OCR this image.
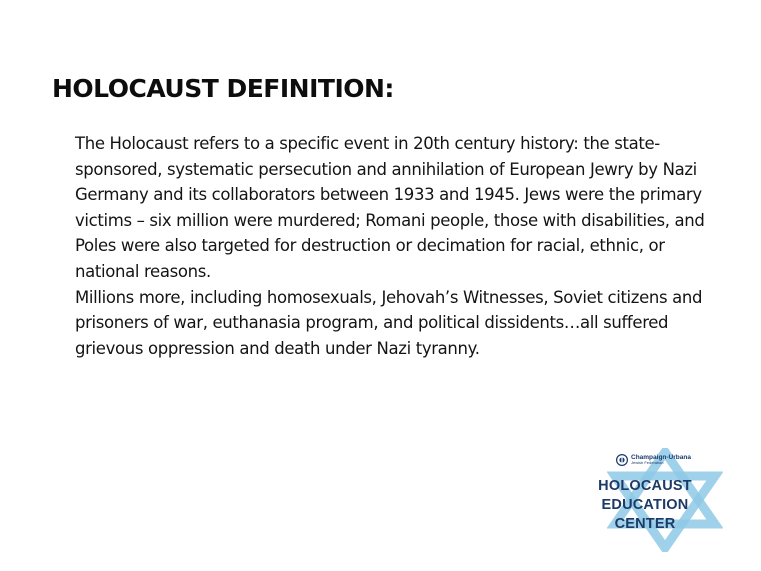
HOLOCAUST DEFINITION:

The Holocaust refers to a specific event in 20th century history: the state-sponsored, systematic persecution and annihilation of European Jewry by Nazi Germany and its collaborators between 1933 and 1945. Jews were the primary victims – six million were murdered; Romani people, those with disabilities, and Poles were also targeted for destruction or decimation for racial, ethnic, or national reasons.

Millions more, including homosexuals, Jehovah’s Witnesses, Soviet citizens and prisoners of war, euthanasia program, and political dissidents…all suffered grievous oppression and death under Nazi tyranny.

Champaign-Urbana
Jewish Federation
HOLOCAUST
EDUCATION
CENTER
